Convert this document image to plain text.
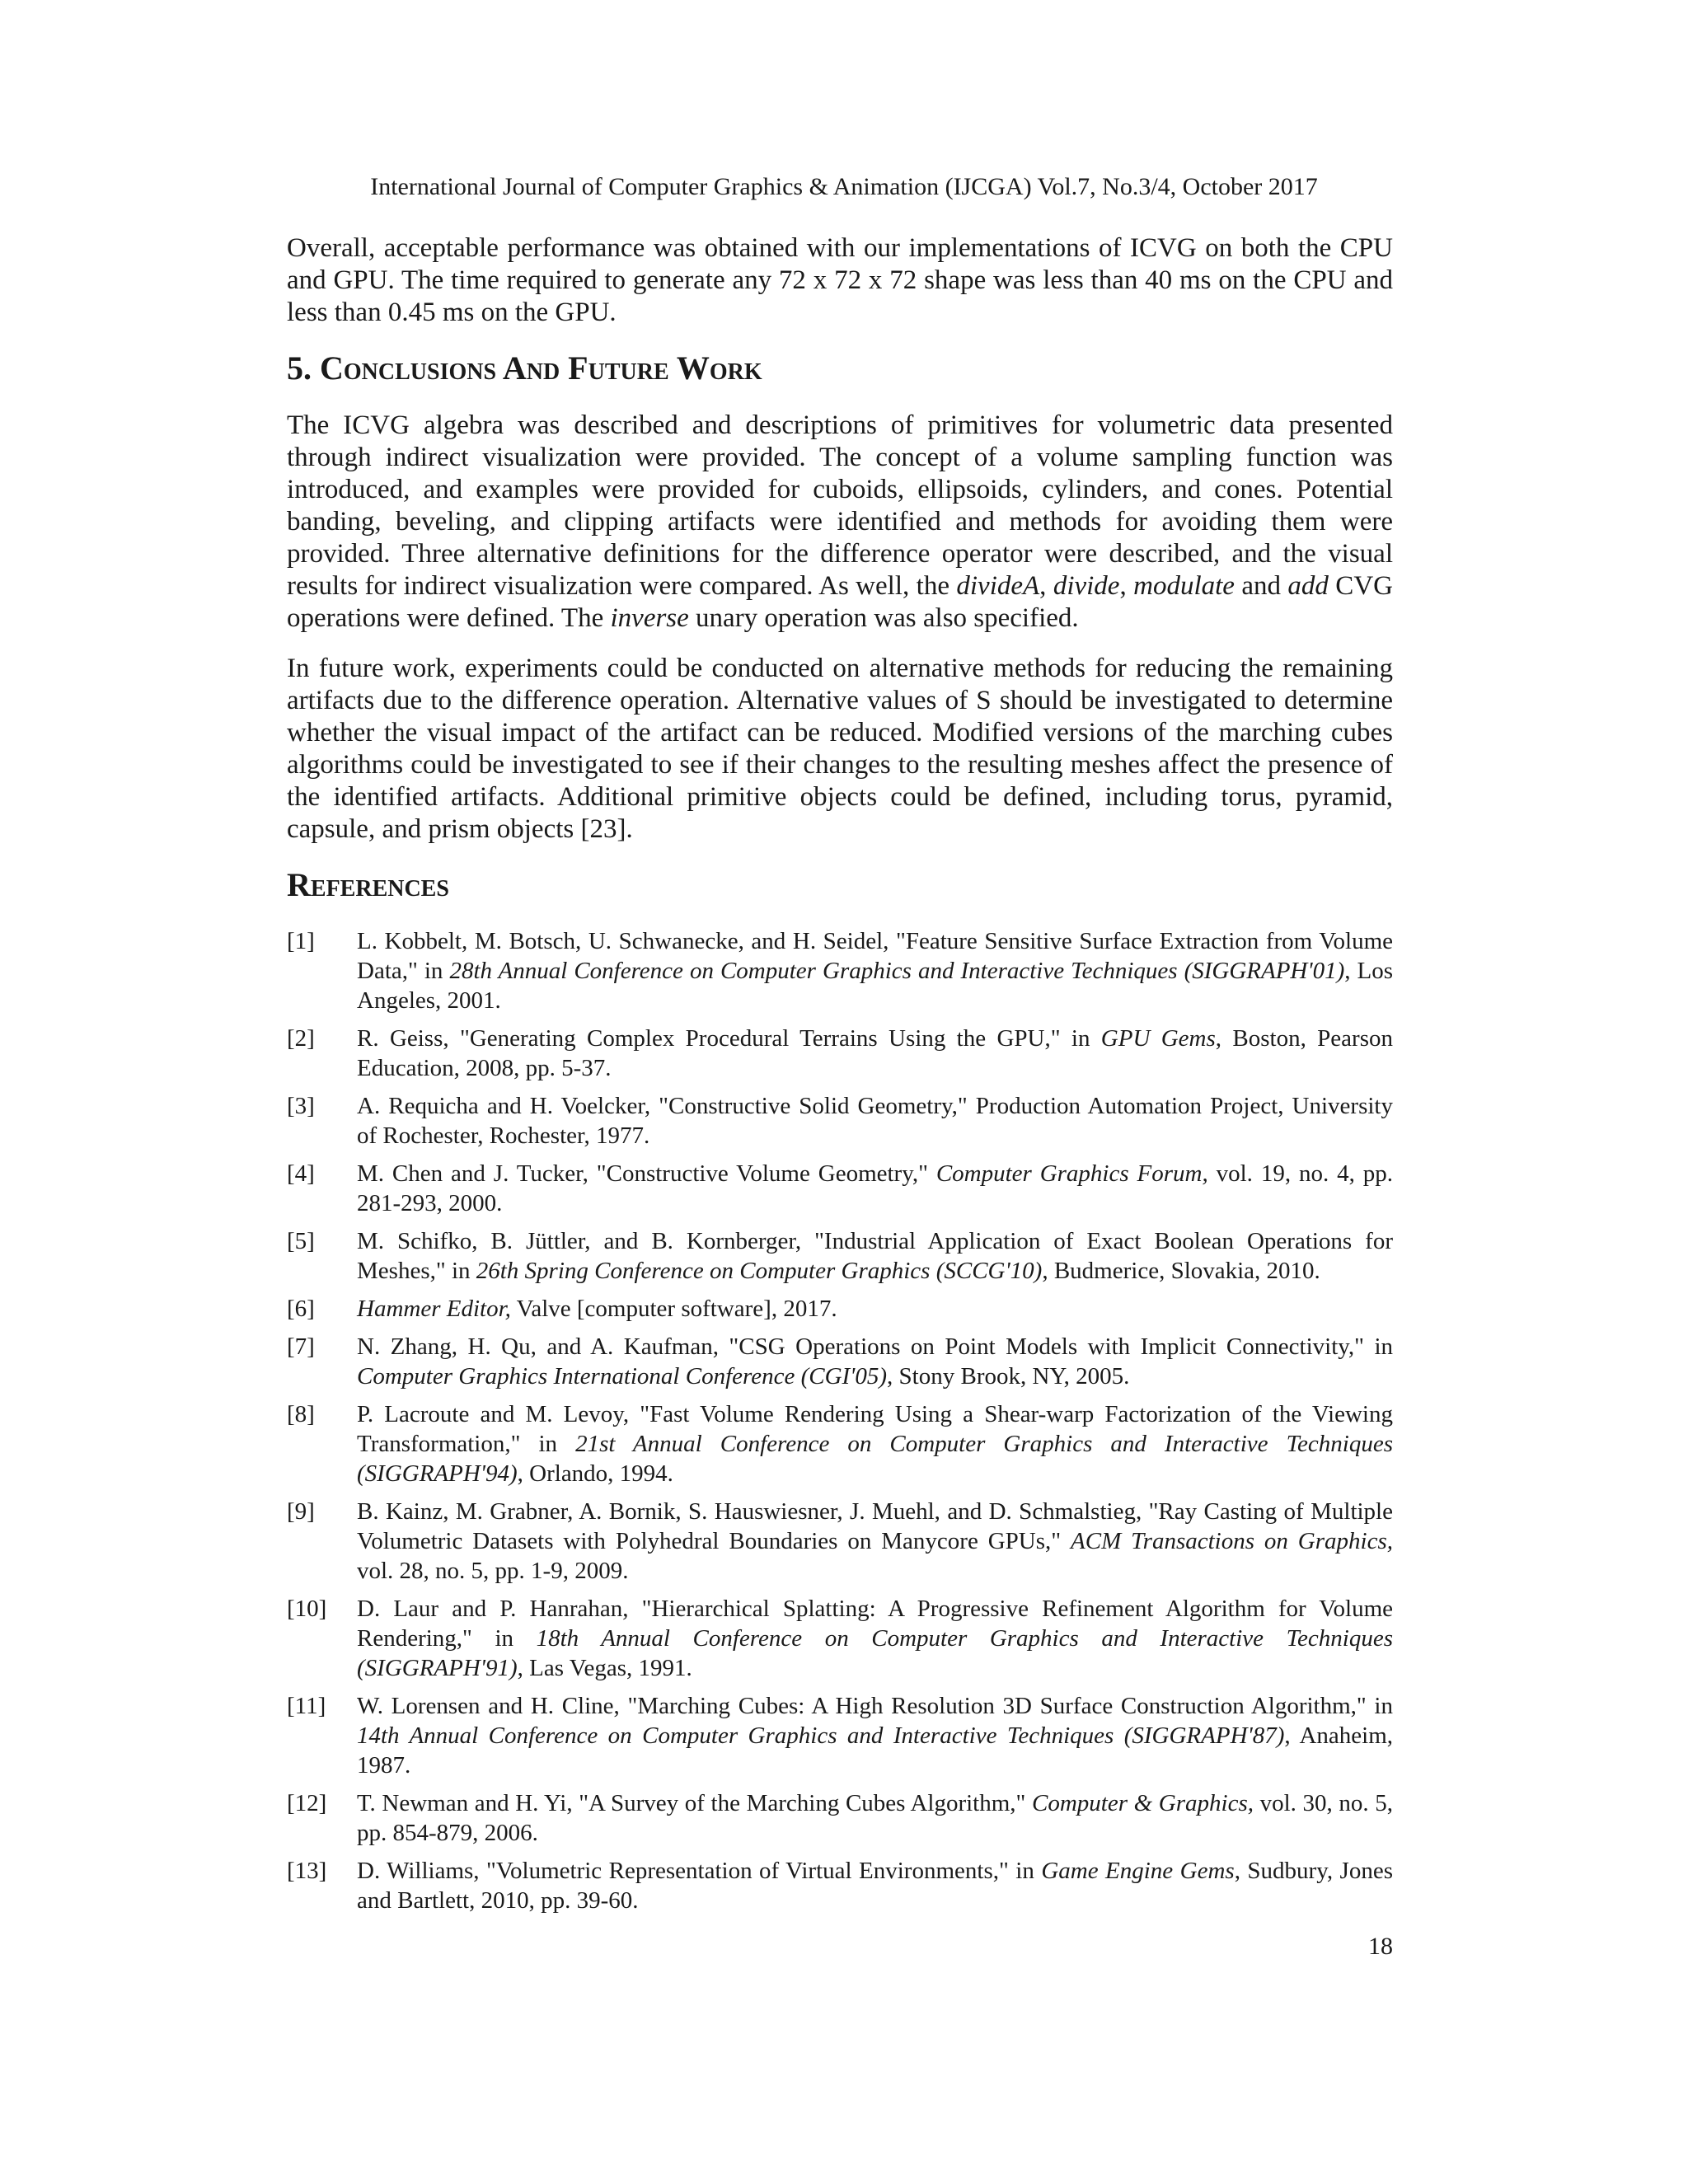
International Journal of Computer Graphics & Animation (IJCGA) Vol.7, No.3/4, October 2017

Overall, acceptable performance was obtained with our implementations of ICVG on both the CPU and GPU. The time required to generate any 72 x 72 x 72 shape was less than 40 ms on the CPU and less than 0.45 ms on the GPU.

5. Conclusions And Future Work

The ICVG algebra was described and descriptions of primitives for volumetric data presented through indirect visualization were provided. The concept of a volume sampling function was introduced, and examples were provided for cuboids, ellipsoids, cylinders, and cones. Potential banding, beveling, and clipping artifacts were identified and methods for avoiding them were provided. Three alternative definitions for the difference operator were described, and the visual results for indirect visualization were compared. As well, the divideA, divide, modulate and add CVG operations were defined. The inverse unary operation was also specified.

In future work, experiments could be conducted on alternative methods for reducing the remaining artifacts due to the difference operation. Alternative values of S should be investigated to determine whether the visual impact of the artifact can be reduced. Modified versions of the marching cubes algorithms could be investigated to see if their changes to the resulting meshes affect the presence of the identified artifacts. Additional primitive objects could be defined, including torus, pyramid, capsule, and prism objects [23].

References
[1]	L. Kobbelt, M. Botsch, U. Schwanecke, and H. Seidel, "Feature Sensitive Surface Extraction from Volume Data," in 28th Annual Conference on Computer Graphics and Interactive Techniques (SIGGRAPH'01), Los Angeles, 2001.
[2]	R. Geiss, "Generating Complex Procedural Terrains Using the GPU," in GPU Gems, Boston, Pearson Education, 2008, pp. 5-37.
[3]	A. Requicha and H. Voelcker, "Constructive Solid Geometry," Production Automation Project, University of Rochester, Rochester, 1977.
[4]	M. Chen and J. Tucker, "Constructive Volume Geometry," Computer Graphics Forum, vol. 19, no. 4, pp. 281-293, 2000.
[5]	M. Schifko, B. Jüttler, and B. Kornberger, "Industrial Application of Exact Boolean Operations for Meshes," in 26th Spring Conference on Computer Graphics (SCCG'10), Budmerice, Slovakia, 2010.
[6]	Hammer Editor, Valve [computer software], 2017.
[7]	N. Zhang, H. Qu, and A. Kaufman, "CSG Operations on Point Models with Implicit Connectivity," in Computer Graphics International Conference (CGI'05), Stony Brook, NY, 2005.
[8]	P. Lacroute and M. Levoy, "Fast Volume Rendering Using a Shear-warp Factorization of the Viewing Transformation," in 21st Annual Conference on Computer Graphics and Interactive Techniques (SIGGRAPH'94), Orlando, 1994.
[9]	B. Kainz, M. Grabner, A. Bornik, S. Hauswiesner, J. Muehl, and D. Schmalstieg, "Ray Casting of Multiple Volumetric Datasets with Polyhedral Boundaries on Manycore GPUs," ACM Transactions on Graphics, vol. 28, no. 5, pp. 1-9, 2009.
[10]	D. Laur and P. Hanrahan, "Hierarchical Splatting: A Progressive Refinement Algorithm for Volume Rendering," in 18th Annual Conference on Computer Graphics and Interactive Techniques (SIGGRAPH'91), Las Vegas, 1991.
[11]	W. Lorensen and H. Cline, "Marching Cubes: A High Resolution 3D Surface Construction Algorithm," in 14th Annual Conference on Computer Graphics and Interactive Techniques (SIGGRAPH'87), Anaheim, 1987.
[12]	T. Newman and H. Yi, "A Survey of the Marching Cubes Algorithm," Computer & Graphics, vol. 30, no. 5, pp. 854-879, 2006.
[13]	D. Williams, "Volumetric Representation of Virtual Environments," in Game Engine Gems, Sudbury, Jones and Bartlett, 2010, pp. 39-60.
18
